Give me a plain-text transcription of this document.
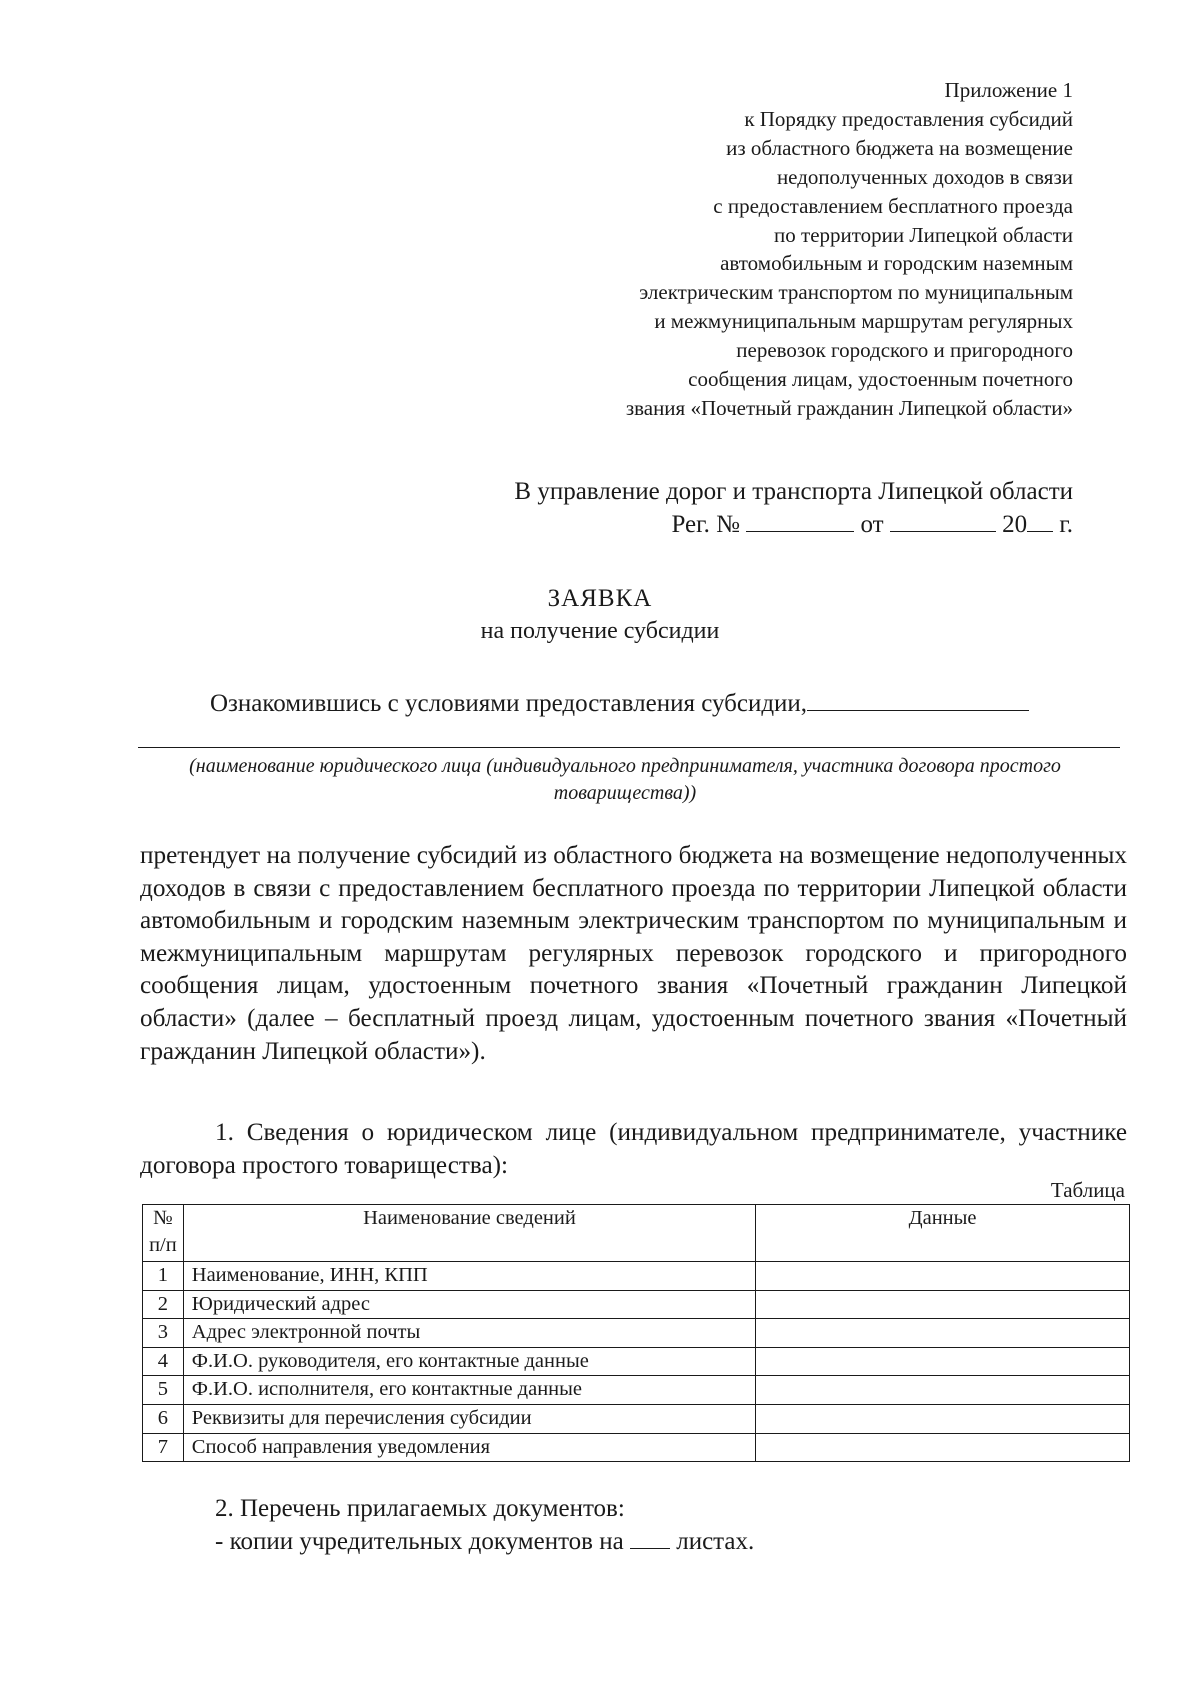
Приложение 1
к Порядку предоставления субсидий
из областного бюджета на возмещение
недополученных доходов в связи
с предоставлением бесплатного проезда
по территории Липецкой области
автомобильным и городским наземным
электрическим транспортом по муниципальным
и межмуниципальным маршрутам регулярных
перевозок городского и пригородного
сообщения лицам, удостоенным почетного
звания «Почетный гражданин Липецкой области»
В управление дорог и транспорта Липецкой области
Рег. №	от	20 г.
ЗАЯВКА
на получение субсидии
Ознакомившись с условиями предоставления субсидии,
(наименование юридического лица (индивидуального предпринимателя, участника договора простого товарищества))
претендует на получение субсидий из областного бюджета на возмещение недополученных доходов в связи с предоставлением бесплатного проезда по территории Липецкой области автомобильным и городским наземным электрическим транспортом по муниципальным и межмуниципальным маршрутам регулярных перевозок городского и пригородного сообщения лицам, удостоенным почетного звания «Почетный гражданин Липецкой области» (далее – бесплатный проезд лицам, удостоенным почетного звания «Почетный гражданин Липецкой области»).
1. Сведения о юридическом лице (индивидуальном предпринимателе, участнике договора простого товарищества):
Таблица
№ п/п	Наименование сведений	Данные
1	Наименование, ИНН, КПП	
2	Юридический адрес	
3	Адрес электронной почты	
4	Ф.И.О. руководителя, его контактные данные	
5	Ф.И.О. исполнителя, его контактные данные	
6	Реквизиты для перечисления субсидии	
7	Способ направления уведомления	
2. Перечень прилагаемых документов:
- копии учредительных документов на листах.
